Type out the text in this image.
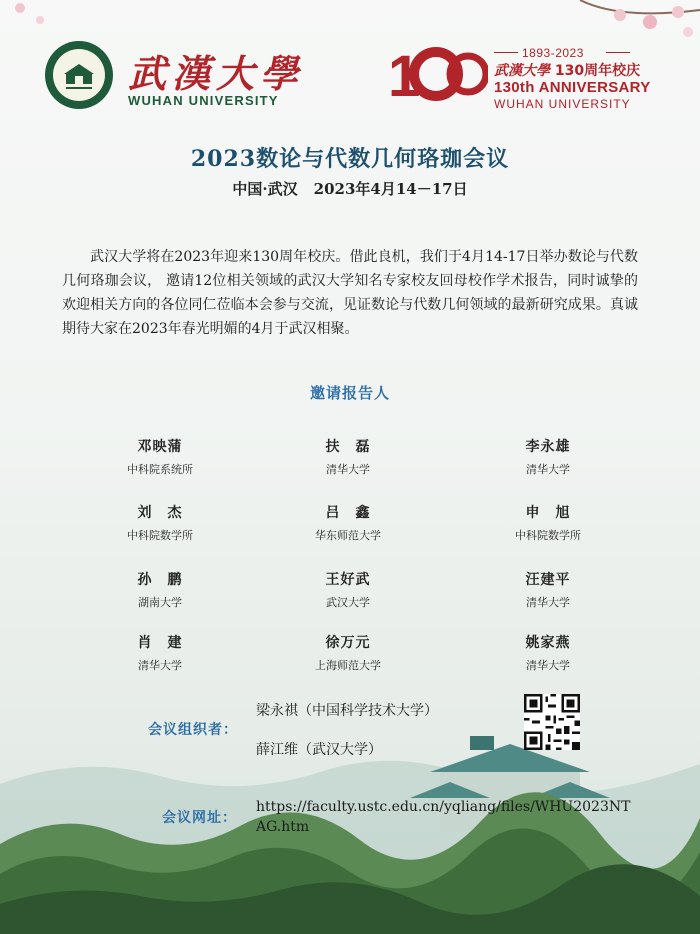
武漢大學
WUHAN UNIVERSITY 1	1893-2023
武漢大學 130周年校庆
130th ANNIVERSARY
WUHAN UNIVERSITY
2023数论与代数几何珞珈会议
中国·武汉 2023年4月14－17日
武汉大学将在2023年迎来130周年校庆。借此良机，我们于4月14-17日举办数论与代数几何珞珈会议， 邀请12位相关领域的武汉大学知名专家校友回母校作学术报告，同时诚挚的欢迎相关方向的各位同仁莅临本会参与交流，见证数论与代数几何领域的最新研究成果。真诚期待大家在2023年春光明媚的4月于武汉相聚。
邀请报告人
邓映蒲
中科院系统所
扶　磊
清华大学
李永雄
清华大学
刘　杰
中科院数学所
吕　鑫
华东师范大学
申　旭
中科院数学所
孙　鹏
湖南大学
王好武
武汉大学
汪建平
清华大学
肖　建
清华大学
徐万元
上海师范大学
姚家燕
清华大学
会议组织者：
梁永祺（中国科学技术大学）
薛江维（武汉大学）
会议网址：
https://faculty.ustc.edu.cn/yqliang/files/WHU2023NTAG.htm
